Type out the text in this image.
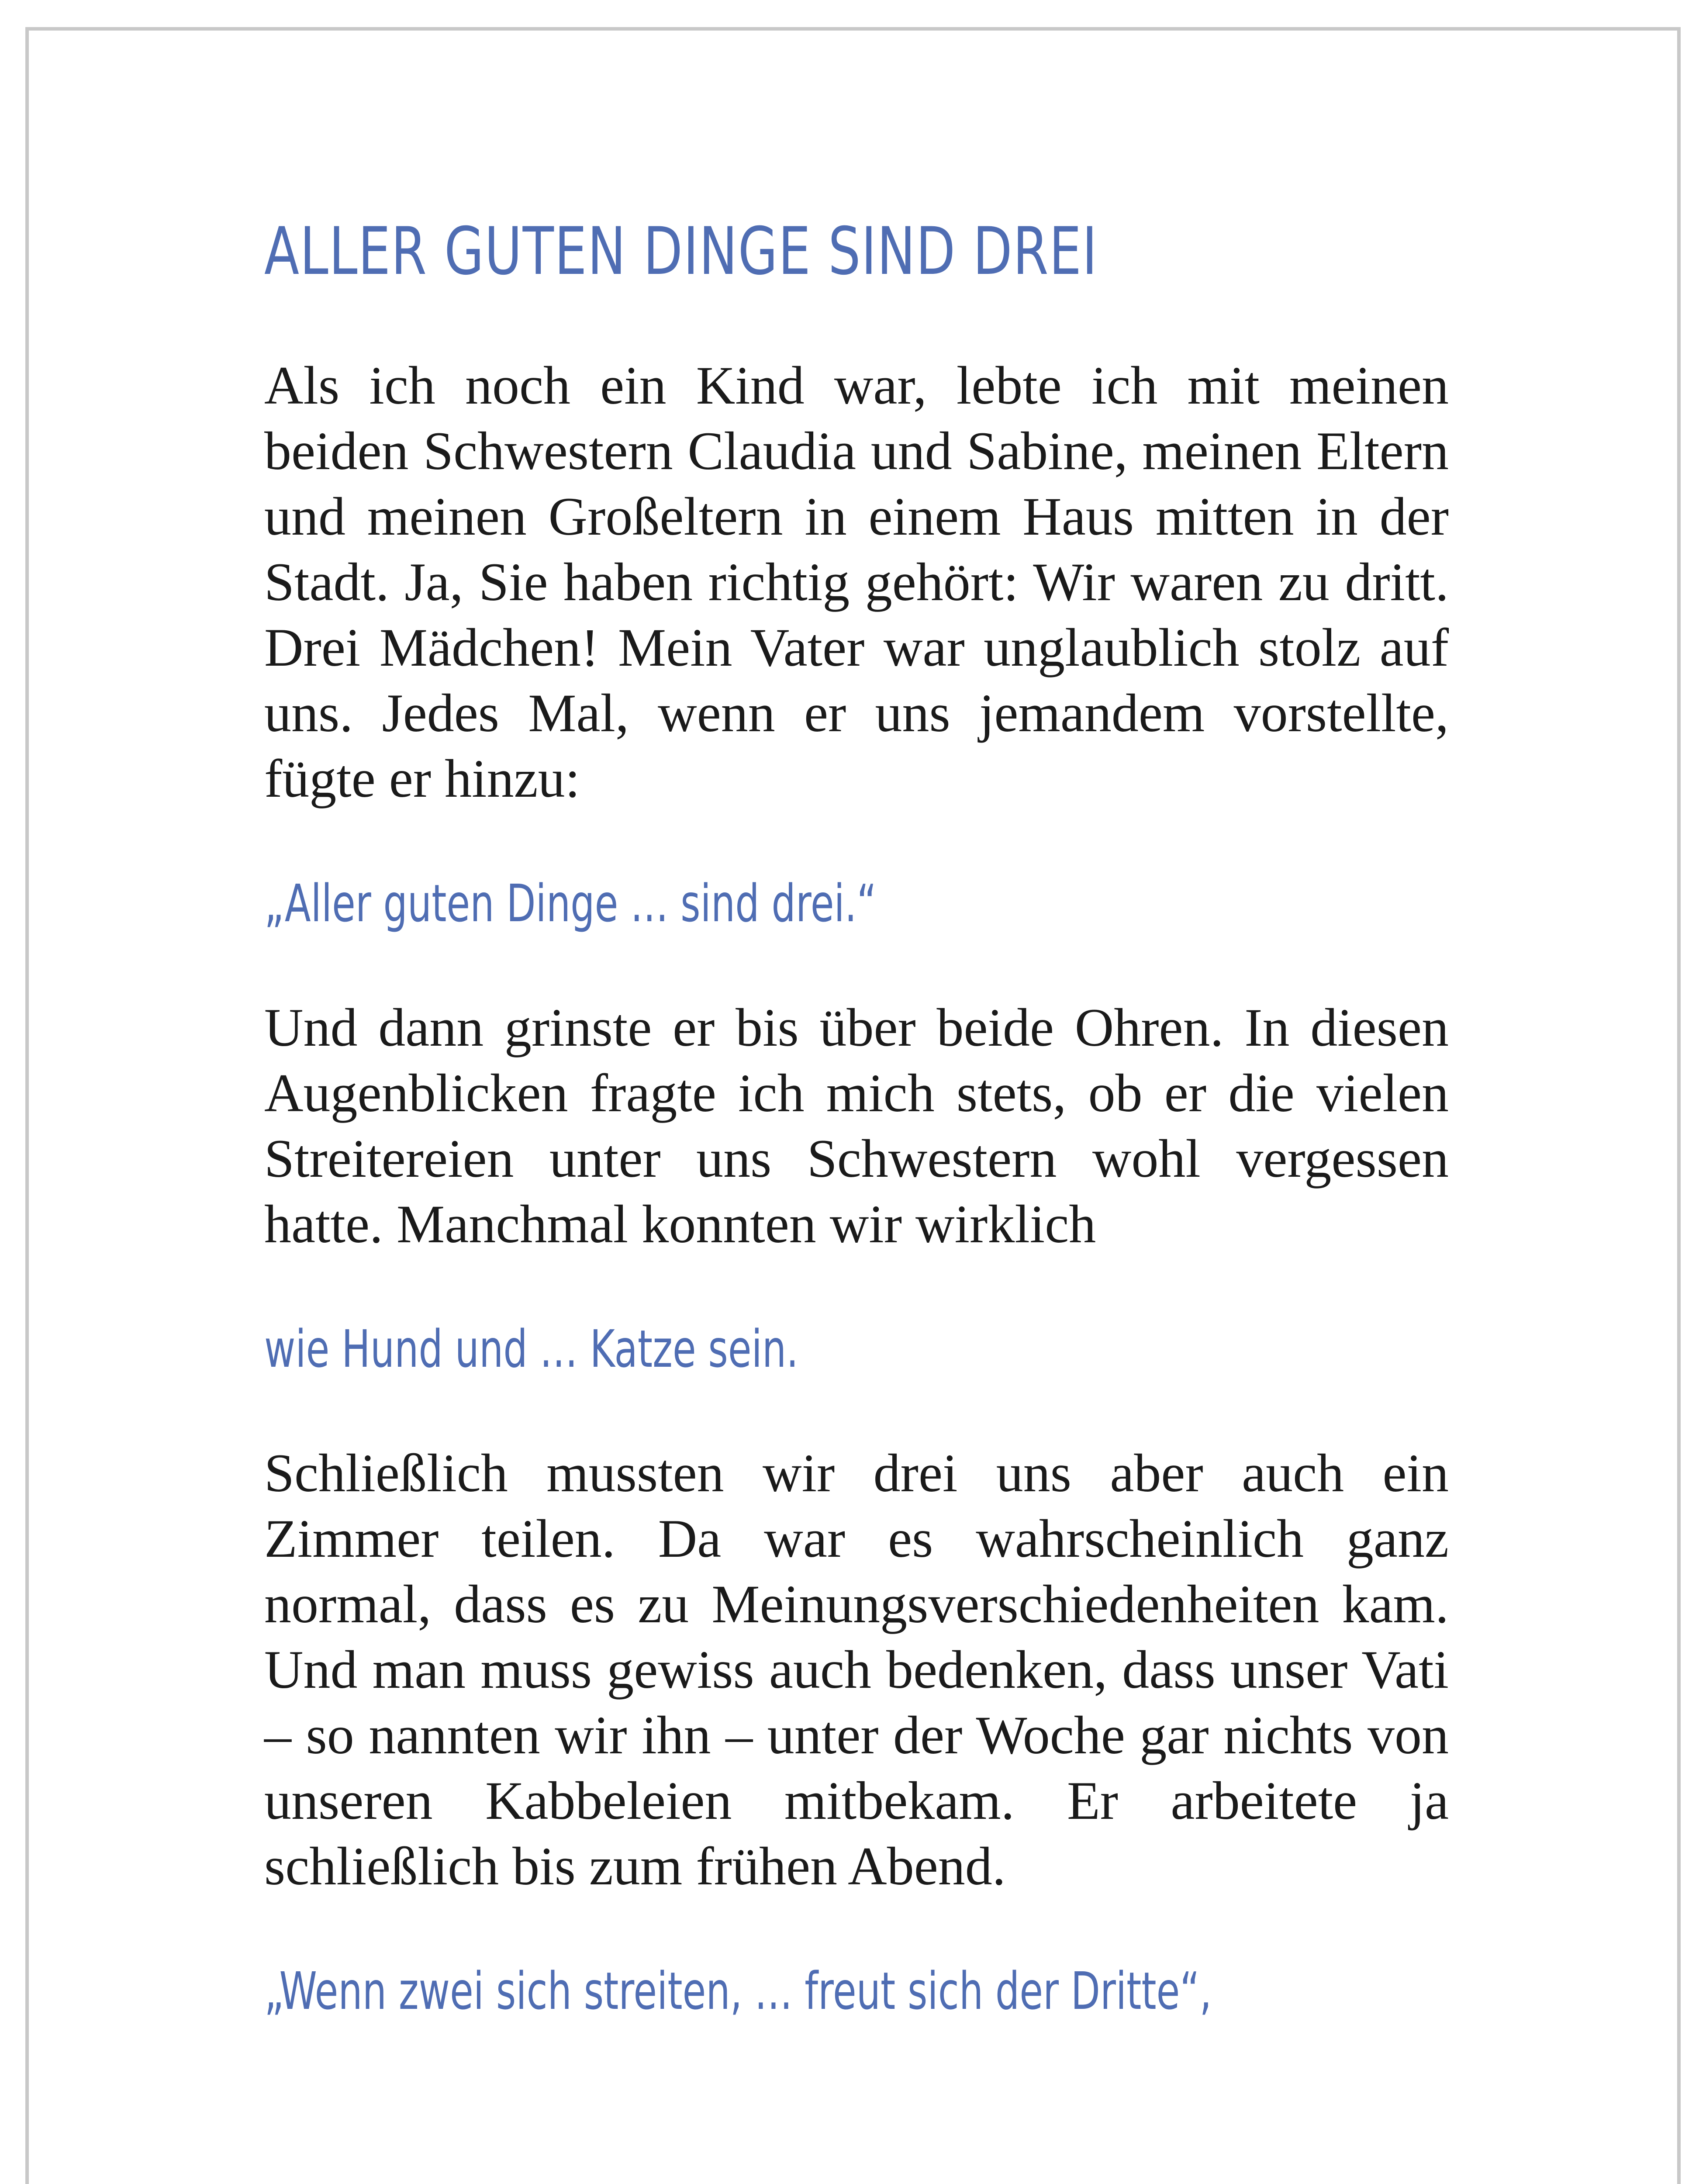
ALLER GUTEN DINGE SIND DREI

Als ich noch ein Kind war, lebte ich mit meinen beiden Schwestern Claudia und Sabine, meinen Eltern und meinen Großeltern in einem Haus mitten in der Stadt. Ja, Sie haben richtig gehört: Wir waren zu dritt. Drei Mädchen! Mein Vater war unglaublich stolz auf uns. Jedes Mal, wenn er uns jemandem vorstellte, fügte er hinzu:

„Aller guten Dinge … sind drei.“

Und dann grinste er bis über beide Ohren. In diesen Augenblicken fragte ich mich stets, ob er die vielen Streitereien unter uns Schwestern wohl vergessen hatte. Manchmal konnten wir wirklich

wie Hund und … Katze sein.

Schließlich mussten wir drei uns aber auch ein Zimmer teilen. Da war es wahrscheinlich ganz normal, dass es zu Meinungsverschiedenheiten kam. Und man muss gewiss auch bedenken, dass unser Vati – so nannten wir ihn – unter der Woche gar nichts von unseren Kabbeleien mitbekam. Er arbeitete ja schließlich bis zum frühen Abend.

„Wenn zwei sich streiten, … freut sich der Dritte“,
